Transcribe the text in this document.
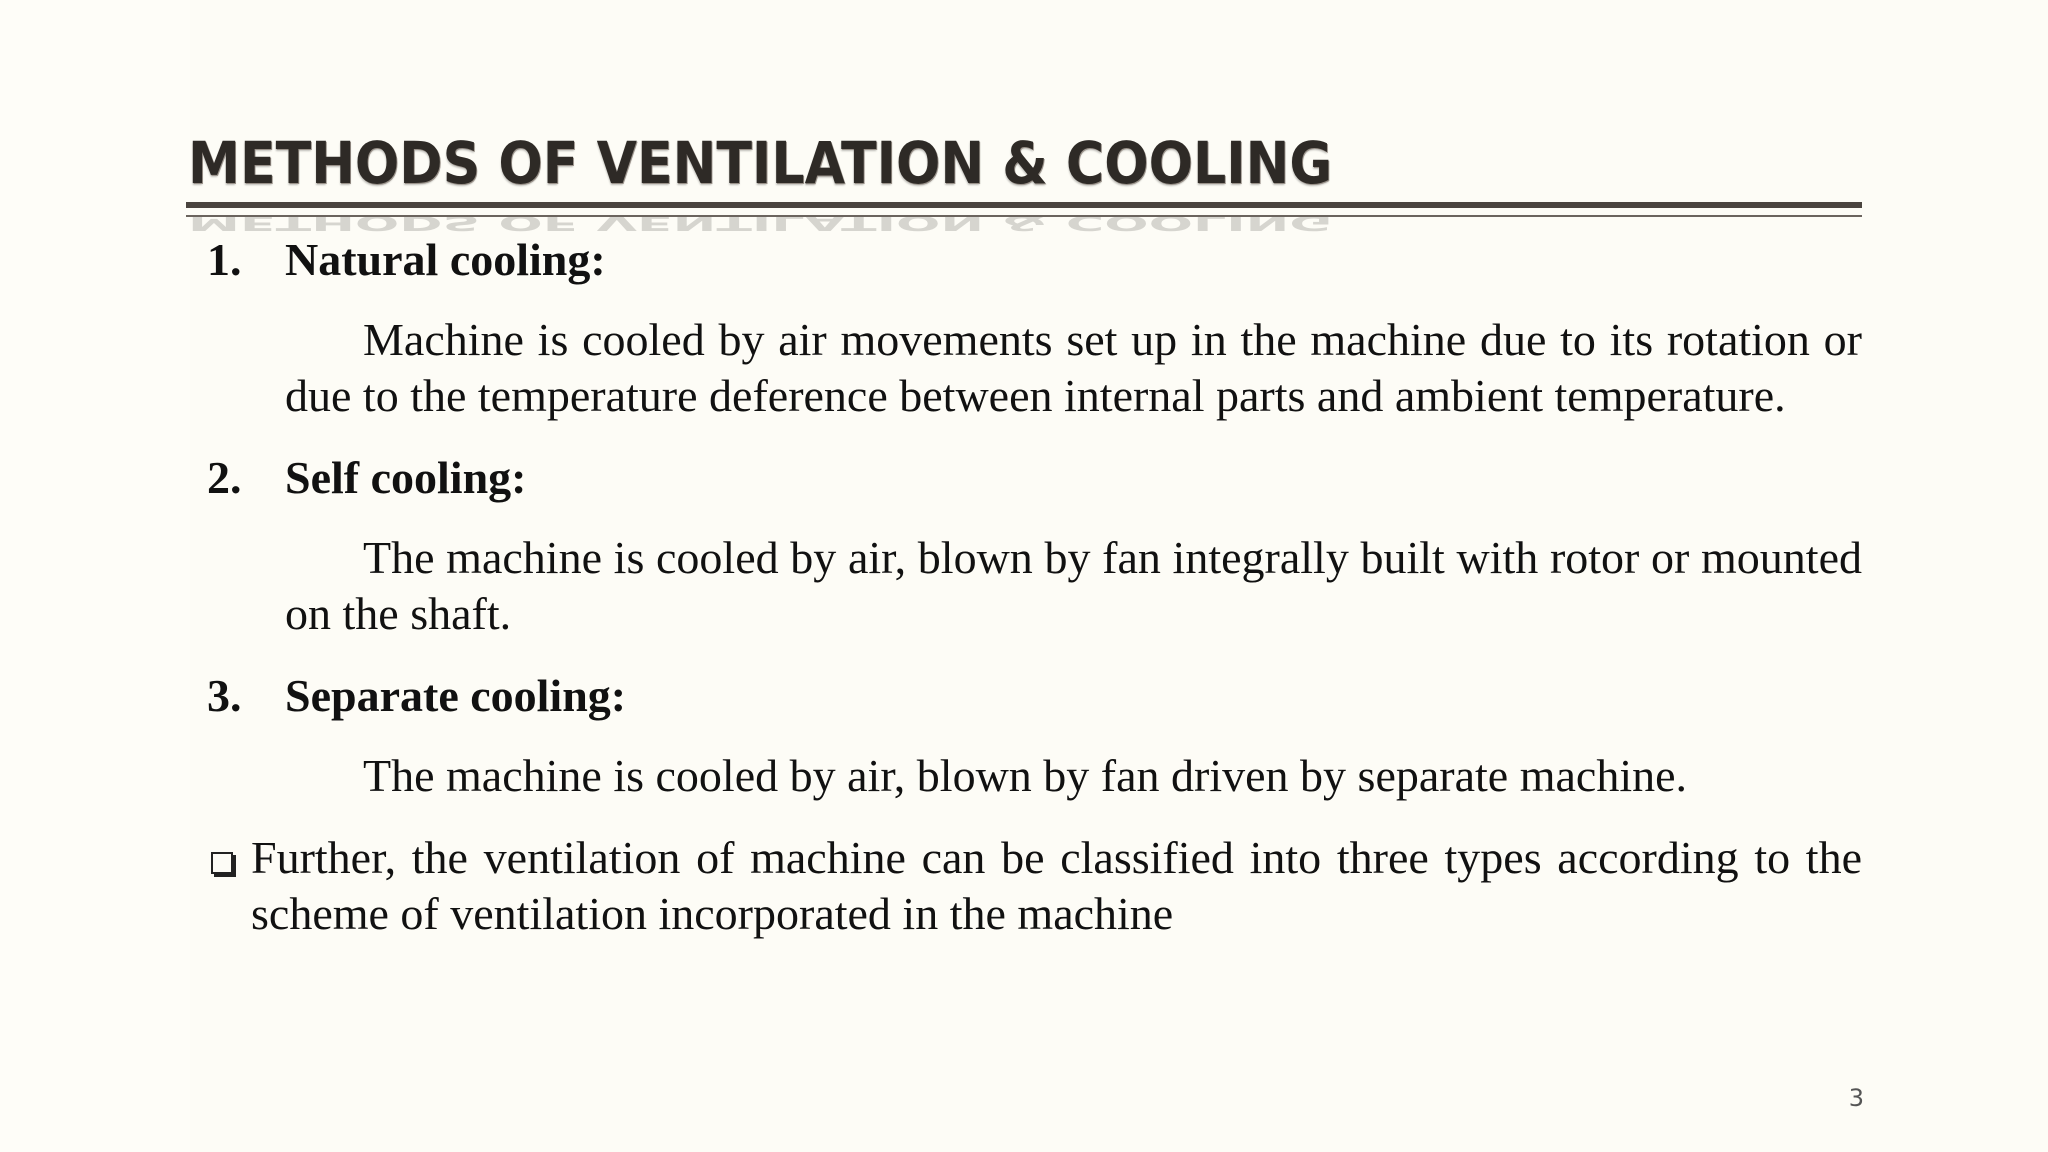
METHODS OF VENTILATION & COOLING
METHODS OF VENTILATION & COOLING

1. Natural cooling:

Machine is cooled by air movements set up in the machine due to its rotation or due to the temperature deference between internal parts and ambient temperature.

2. Self cooling:

The machine is cooled by air, blown by fan integrally built with rotor or mounted on the shaft.

3. Separate cooling:

The machine is cooled by air, blown by fan driven by separate machine.

Further, the ventilation of machine can be classified into three types according to the scheme of ventilation incorporated in the machine
3
